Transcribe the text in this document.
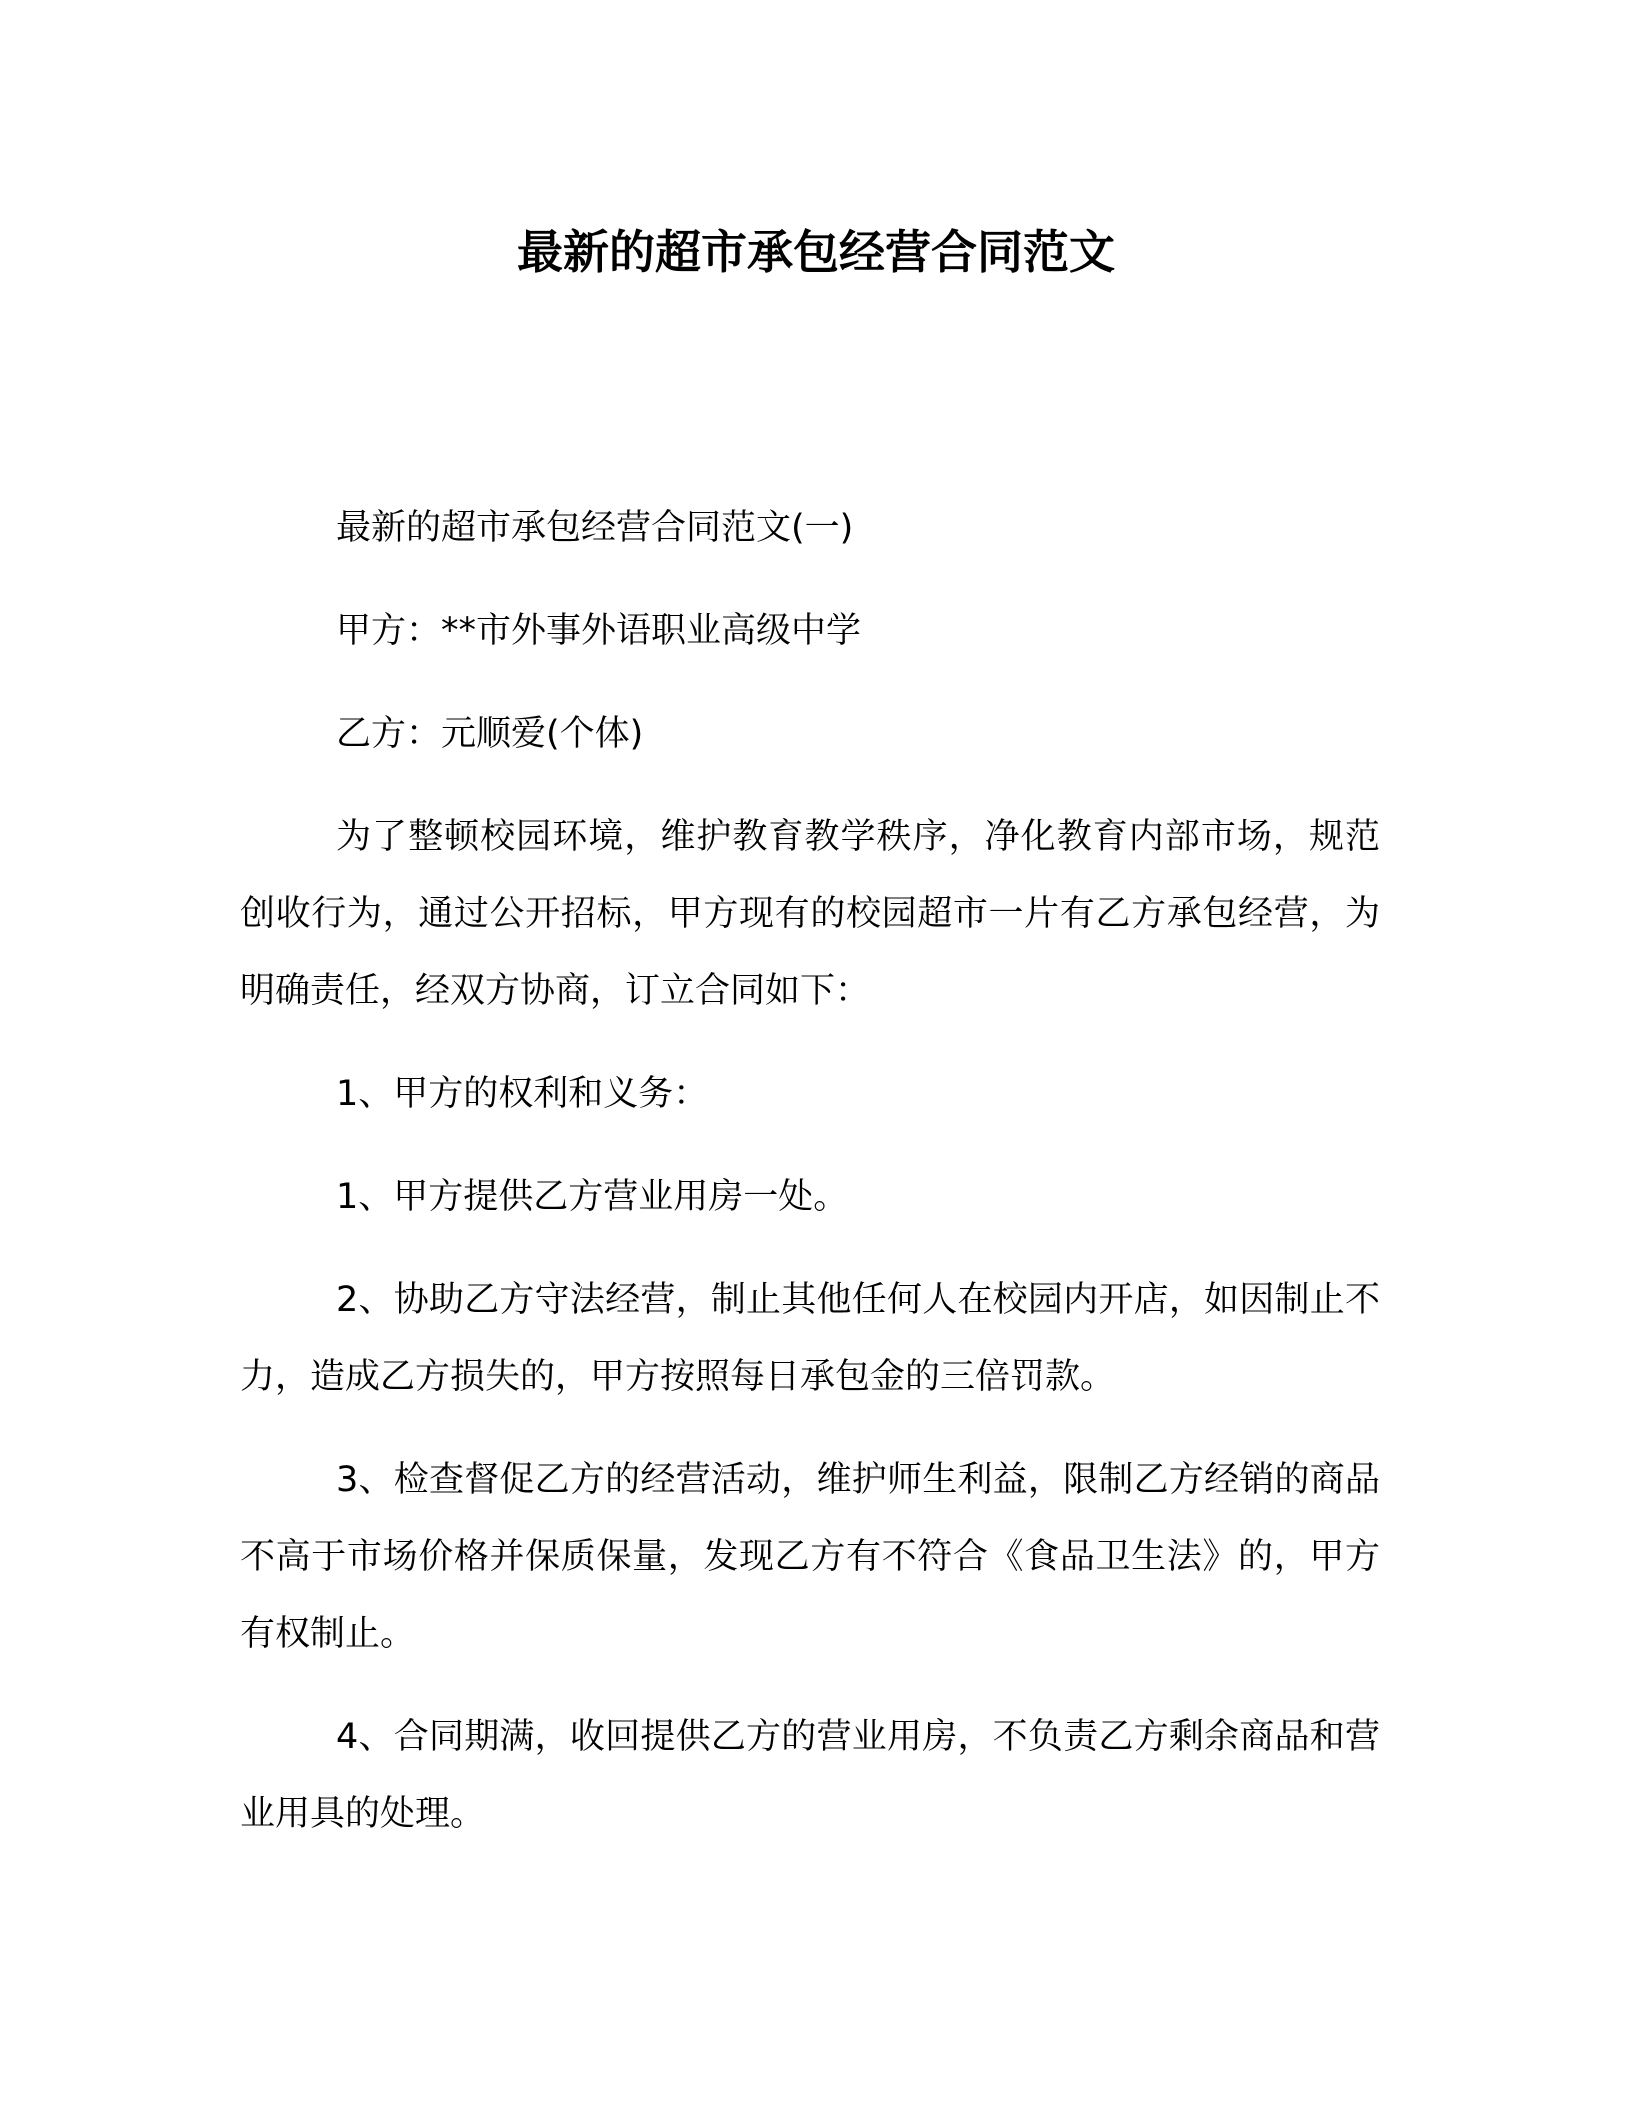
最新的超市承包经营合同范文

最新的超市承包经营合同范文(一)

甲方：**市外事外语职业高级中学

乙方：元顺爱(个体)

为了整顿校园环境，维护教育教学秩序，净化教育内部市场，规范创收行为，通过公开招标，甲方现有的校园超市一片有乙方承包经营，为明确责任，经双方协商，订立合同如下：

1、甲方的权利和义务：

1、甲方提供乙方营业用房一处。

2、协助乙方守法经营，制止其他任何人在校园内开店，如因制止不力，造成乙方损失的，甲方按照每日承包金的三倍罚款。

3、检查督促乙方的经营活动，维护师生利益，限制乙方经销的商品不高于市场价格并保质保量，发现乙方有不符合《食品卫生法》的，甲方有权制止。

4、合同期满，收回提供乙方的营业用房，不负责乙方剩余商品和营业用具的处理。
